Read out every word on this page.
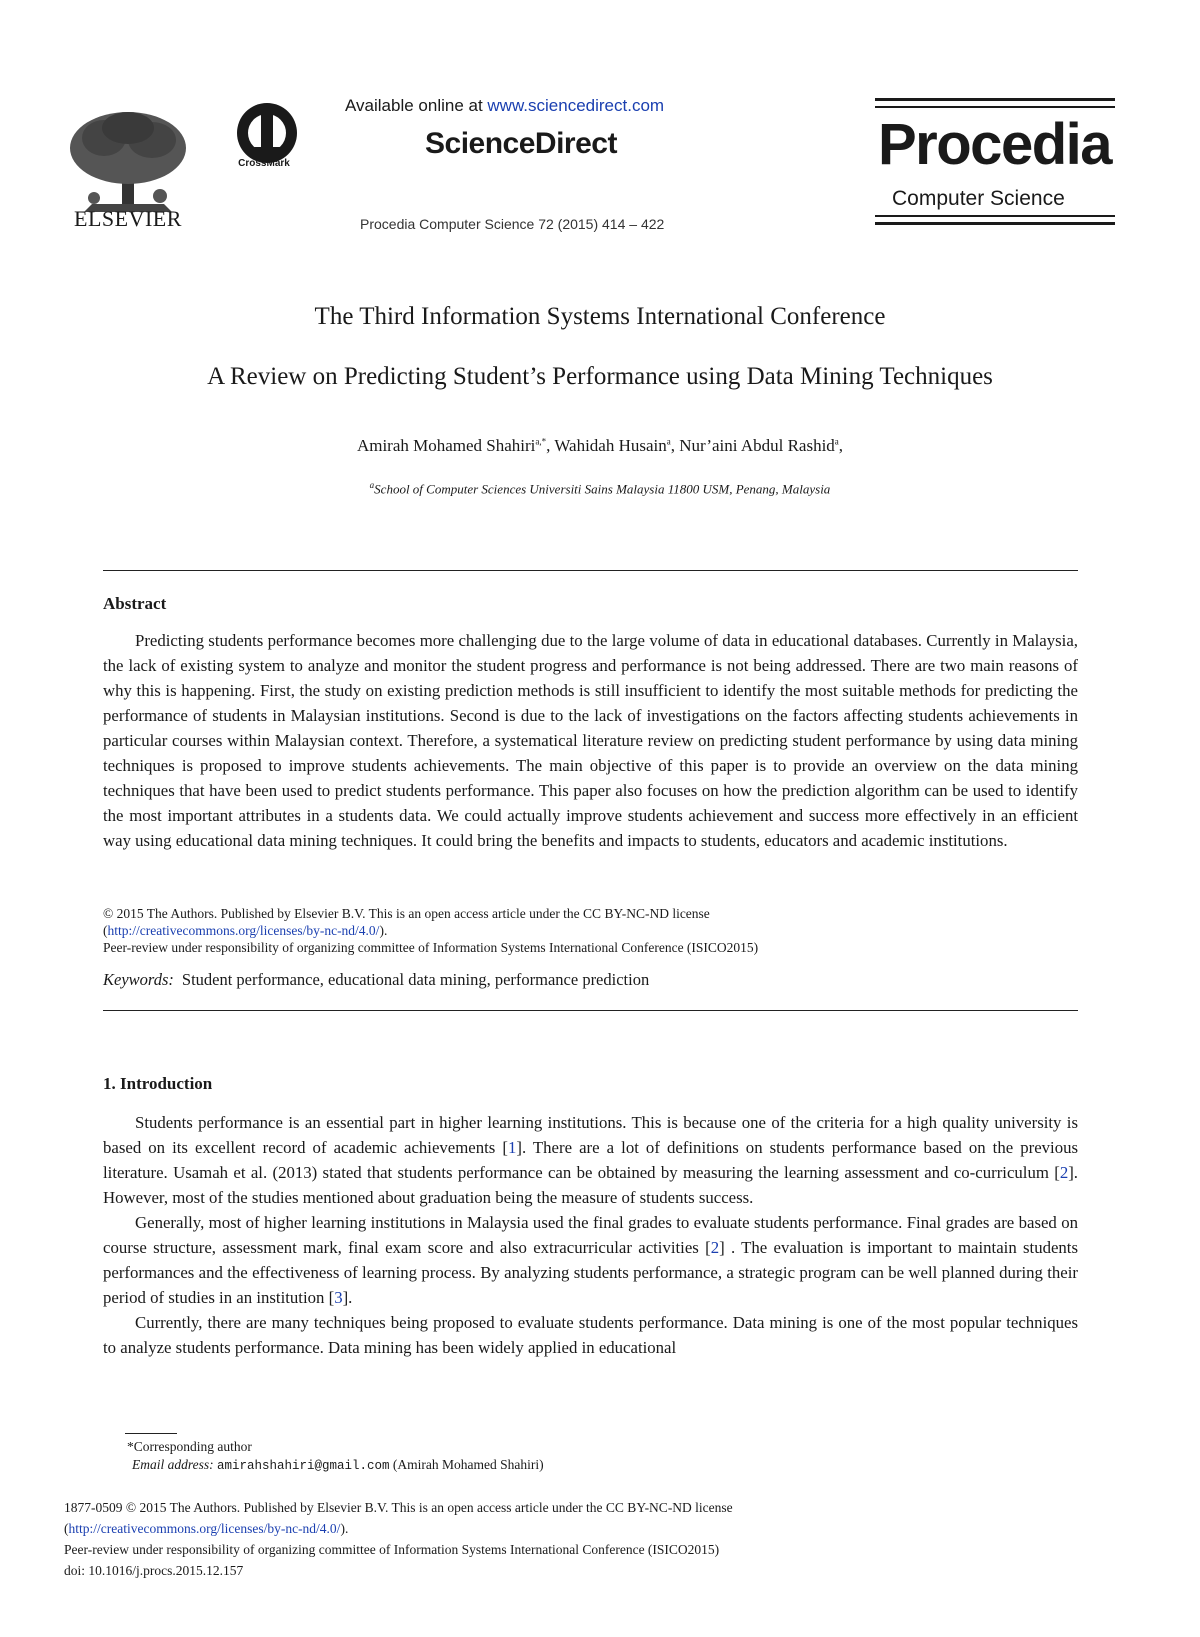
ELSEVIER
CrossMark
Available online at www.sciencedirect.com
ScienceDirect
Procedia Computer Science 72 (2015) 414 – 422
Procedia
Computer Science
The Third Information Systems International Conference
A Review on Predicting Student’s Performance using Data Mining Techniques
Amirah Mohamed Shahiri$^{a,*}$, Wahidah Husain$^a$, Nur’aini Abdul Rashid$^a$,
$^a$School of Computer Sciences Universiti Sains Malaysia 11800 USM, Penang, Malaysia
Abstract

Predicting students performance becomes more challenging due to the large volume of data in educational databases. Currently in Malaysia, the lack of existing system to analyze and monitor the student progress and performance is not being addressed. There are two main reasons of why this is happening. First, the study on existing prediction methods is still insufficient to identify the most suitable methods for predicting the performance of students in Malaysian institutions. Second is due to the lack of investigations on the factors affecting students achievements in particular courses within Malaysian context. Therefore, a systematical literature review on predicting student performance by using data mining techniques is proposed to improve students achievements. The main objective of this paper is to provide an overview on the data mining techniques that have been used to predict students performance. This paper also focuses on how the prediction algorithm can be used to identify the most important attributes in a students data. We could actually improve students achievement and success more effectively in an efficient way using educational data mining techniques. It could bring the benefits and impacts to students, educators and academic institutions.

© 2015 The Authors. Published by Elsevier B.V. This is an open access article under the CC BY-NC-ND license
(http://creativecommons.org/licenses/by-nc-nd/4.0/).
Peer-review under responsibility of organizing committee of Information Systems International Conference (ISICO2015)
Keywords: Student performance, educational data mining, performance prediction
1. Introduction

Students performance is an essential part in higher learning institutions. This is because one of the criteria for a high quality university is based on its excellent record of academic achievements [1]. There are a lot of definitions on students performance based on the previous literature. Usamah et al. (2013) stated that students performance can be obtained by measuring the learning assessment and co-curriculum [2]. However, most of the studies mentioned about graduation being the measure of students success.

Generally, most of higher learning institutions in Malaysia used the final grades to evaluate students performance. Final grades are based on course structure, assessment mark, final exam score and also extracurricular activities [2] . The evaluation is important to maintain students performances and the effectiveness of learning process. By analyzing students performance, a strategic program can be well planned during their period of studies in an institution [3].

Currently, there are many techniques being proposed to evaluate students performance. Data mining is one of the most popular techniques to analyze students performance. Data mining has been widely applied in educational

*Corresponding author
Email address: amirahshahiri@gmail.com (Amirah Mohamed Shahiri)
1877-0509 © 2015 The Authors. Published by Elsevier B.V. This is an open access article under the CC BY-NC-ND license
(http://creativecommons.org/licenses/by-nc-nd/4.0/).
Peer-review under responsibility of organizing committee of Information Systems International Conference (ISICO2015)
doi: 10.1016/j.procs.2015.12.157
